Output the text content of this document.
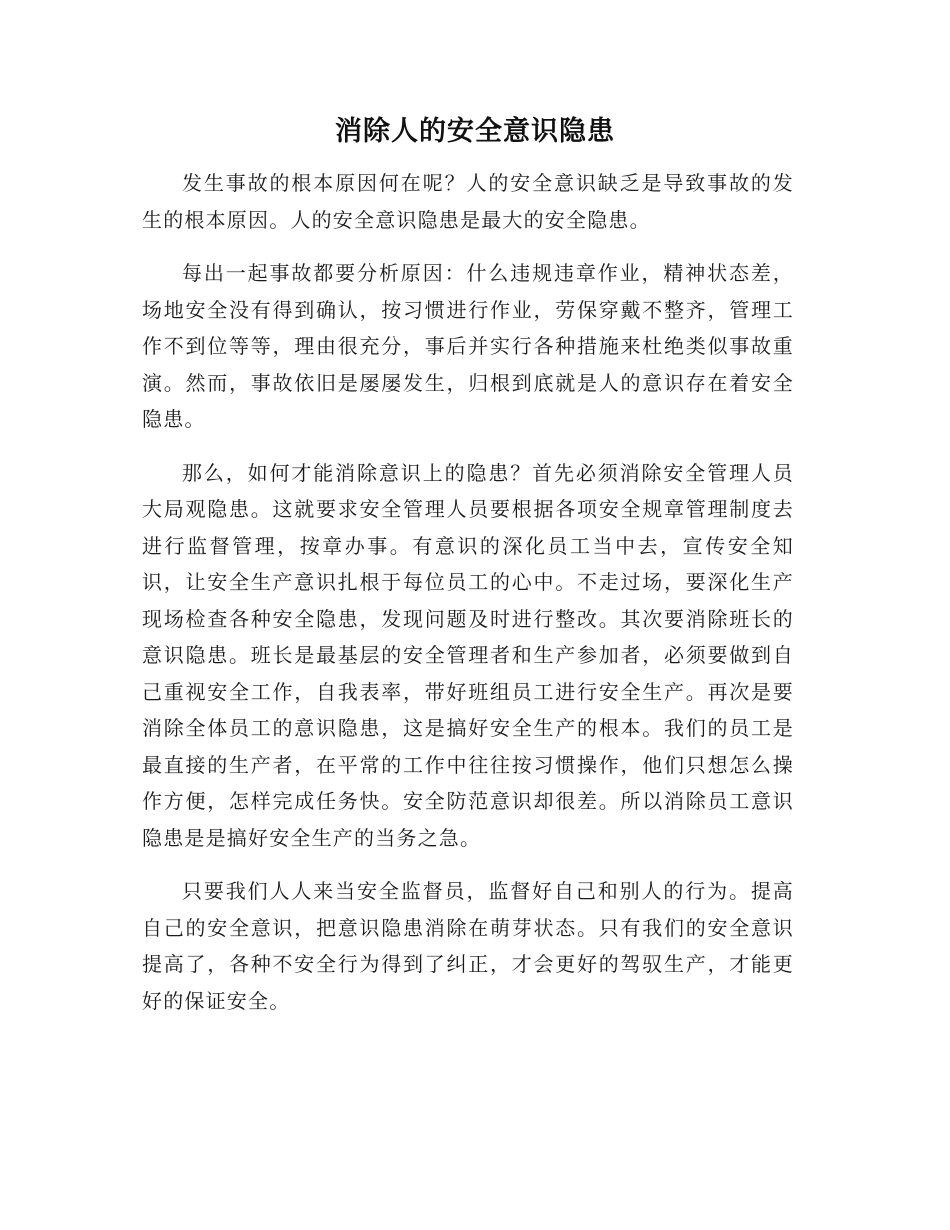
消除人的安全意识隐患

发生事故的根本原因何在呢？人的安全意识缺乏是导致事故的发生的根本原因。人的安全意识隐患是最大的安全隐患。

每出一起事故都要分析原因：什么违规违章作业，精神状态差，场地安全没有得到确认，按习惯进行作业，劳保穿戴不整齐，管理工作不到位等等，理由很充分，事后并实行各种措施来杜绝类似事故重演。然而，事故依旧是屡屡发生，归根到底就是人的意识存在着安全隐患。

那么，如何才能消除意识上的隐患？首先必须消除安全管理人员大局观隐患。这就要求安全管理人员要根据各项安全规章管理制度去进行监督管理，按章办事。有意识的深化员工当中去，宣传安全知识，让安全生产意识扎根于每位员工的心中。不走过场，要深化生产现场检查各种安全隐患，发现问题及时进行整改。其次要消除班长的意识隐患。班长是最基层的安全管理者和生产参加者，必须要做到自己重视安全工作，自我表率，带好班组员工进行安全生产。再次是要消除全体员工的意识隐患，这是搞好安全生产的根本。我们的员工是最直接的生产者，在平常的工作中往往按习惯操作，他们只想怎么操作方便，怎样完成任务快。安全防范意识却很差。所以消除员工意识隐患是是搞好安全生产的当务之急。

只要我们人人来当安全监督员，监督好自己和别人的行为。提高自己的安全意识，把意识隐患消除在萌芽状态。只有我们的安全意识提高了，各种不安全行为得到了纠正，才会更好的驾驭生产，才能更好的保证安全。
